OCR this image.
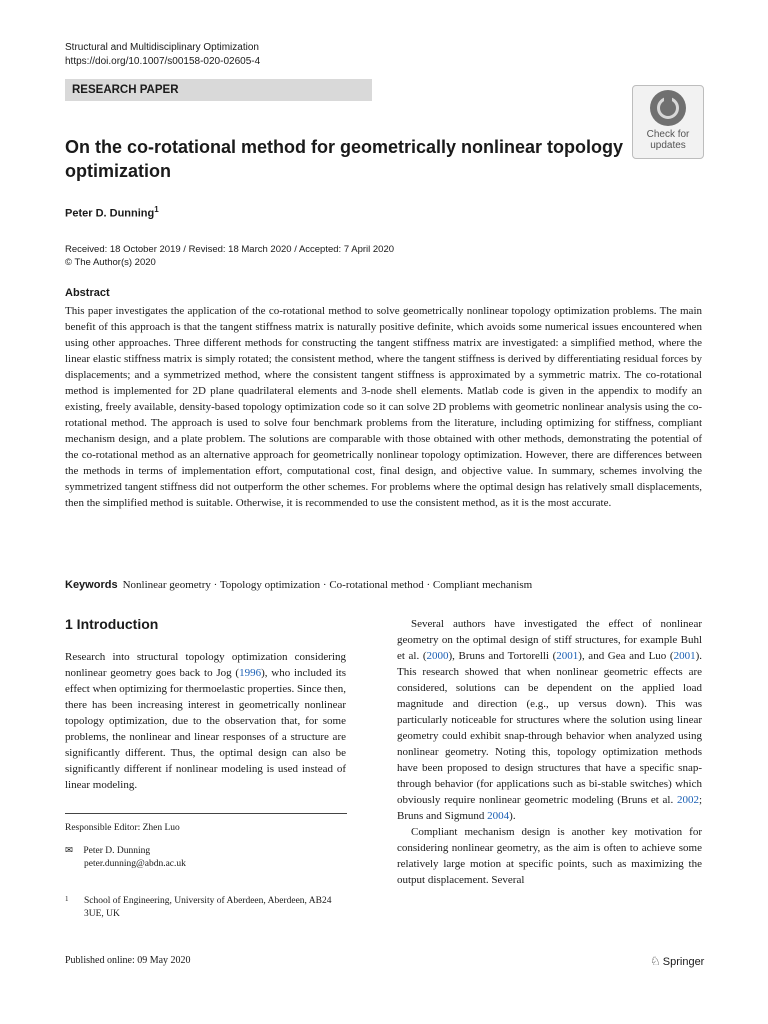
Structural and Multidisciplinary Optimization
https://doi.org/10.1007/s00158-020-02605-4
RESEARCH PAPER
Check for
updates
On the co-rotational method for geometrically nonlinear topology optimization
Peter D. Dunning$^1$
Received: 18 October 2019 / Revised: 18 March 2020 / Accepted: 7 April 2020
© The Author(s) 2020
Abstract

This paper investigates the application of the co-rotational method to solve geometrically nonlinear topology optimization problems. The main benefit of this approach is that the tangent stiffness matrix is naturally positive definite, which avoids some numerical issues encountered when using other approaches. Three different methods for constructing the tangent stiffness matrix are investigated: a simplified method, where the linear elastic stiffness matrix is simply rotated; the consistent method, where the tangent stiffness is derived by differentiating residual forces by displacements; and a symmetrized method, where the consistent tangent stiffness is approximated by a symmetric matrix. The co-rotational method is implemented for 2D plane quadrilateral elements and 3-node shell elements. Matlab code is given in the appendix to modify an existing, freely available, density-based topology optimization code so it can solve 2D problems with geometric nonlinear analysis using the co-rotational method. The approach is used to solve four benchmark problems from the literature, including optimizing for stiffness, compliant mechanism design, and a plate problem. The solutions are comparable with those obtained with other methods, demonstrating the potential of the co-rotational method as an alternative approach for geometrically nonlinear topology optimization. However, there are differences between the methods in terms of implementation effort, computational cost, final design, and objective value. In summary, schemes involving the symmetrized tangent stiffness did not outperform the other schemes. For problems where the optimal design has relatively small displacements, then the simplified method is suitable. Otherwise, it is recommended to use the consistent method, as it is the most accurate.

Keywords Nonlinear geometry · Topology optimization · Co-rotational method · Compliant mechanism
1 Introduction

Research into structural topology optimization considering nonlinear geometry goes back to Jog (1996), who included its effect when optimizing for thermoelastic properties. Since then, there has been increasing interest in geometrically nonlinear topology optimization, due to the observation that, for some problems, the nonlinear and linear responses of a structure are significantly different. Thus, the optimal design can also be significantly different if nonlinear modeling is used instead of linear modeling.

Several authors have investigated the effect of nonlinear geometry on the optimal design of stiff structures, for example Buhl et al. (2000), Bruns and Tortorelli (2001), and Gea and Luo (2001). This research showed that when nonlinear geometric effects are considered, solutions can be dependent on the applied load magnitude and direction (e.g., up versus down). This was particularly noticeable for structures where the solution using linear geometry could exhibit snap-through behavior when analyzed using nonlinear geometry. Noting this, topology optimization methods have been proposed to design structures that have a specific snap-through behavior (for applications such as bi-stable switches) which obviously require nonlinear geometric modeling (Bruns et al. 2002; Bruns and Sigmund 2004).

Compliant mechanism design is another key motivation for considering nonlinear geometry, as the aim is often to achieve some relatively large motion at specific points, such as maximizing the output displacement. Several

Responsible Editor: Zhen Luo
✉ Peter D. Dunning
peter.dunning@abdn.ac.uk
1	School of Engineering, University of Aberdeen, Aberdeen, AB24 3UE, UK
Published online: 09 May 2020	♘ Springer
